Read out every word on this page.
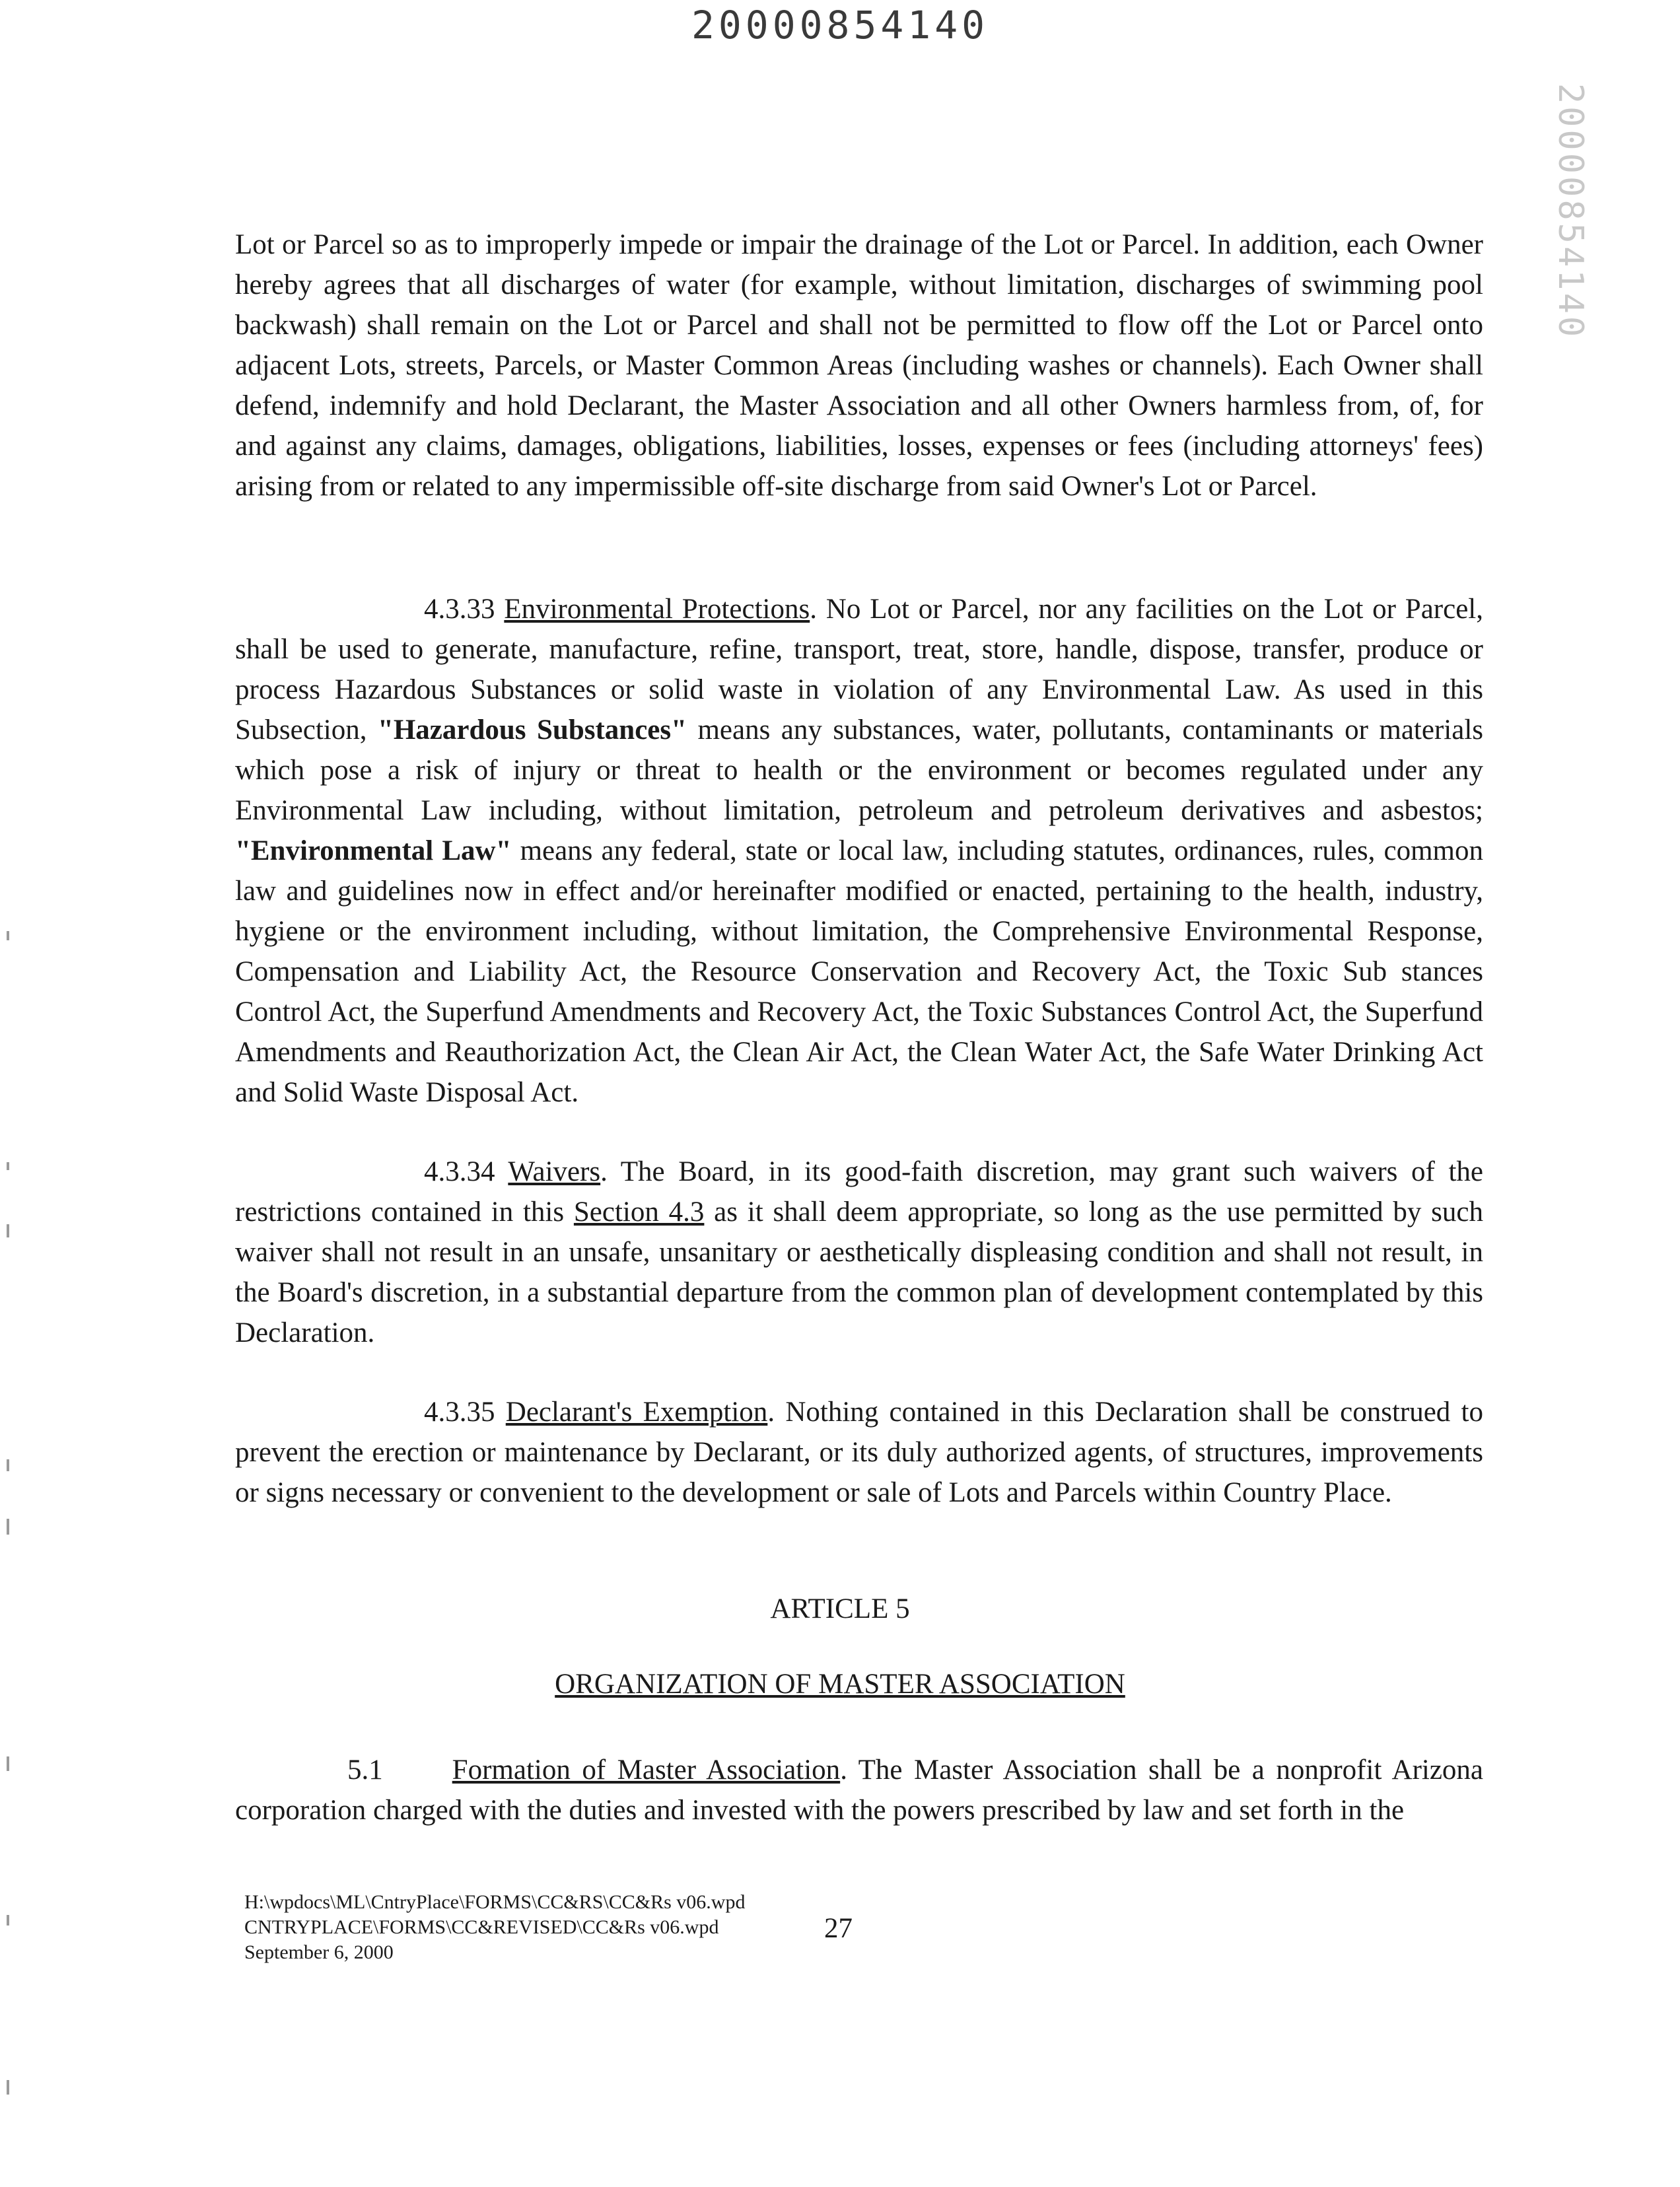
20000854140
20000854140

Lot or Parcel so as to improperly impede or impair the drainage of the Lot or Parcel. In addition, each Owner hereby agrees that all discharges of water (for example, without limitation, discharges of swimming pool backwash) shall remain on the Lot or Parcel and shall not be permitted to flow off the Lot or Parcel onto adjacent Lots, streets, Parcels, or Master Common Areas (including washes or channels). Each Owner shall defend, indemnify and hold Declarant, the Master Association and all other Owners harmless from, of, for and against any claims, damages, obligations, liabilities, losses, expenses or fees (including attorneys' fees) arising from or related to any impermissible off-site discharge from said Owner's Lot or Parcel.

4.3.33 Environmental Protections. No Lot or Parcel, nor any facilities on the Lot or Parcel, shall be used to generate, manufacture, refine, transport, treat, store, handle, dispose, transfer, produce or process Hazardous Substances or solid waste in violation of any Environmental Law. As used in this Subsection, "Hazardous Substances" means any substances, water, pollutants, contaminants or materials which pose a risk of injury or threat to health or the environment or becomes regulated under any Environmental Law including, without limitation, petroleum and petroleum derivatives and asbestos; "Environmental Law" means any federal, state or local law, including statutes, ordinances, rules, common law and guidelines now in effect and/or hereinafter modified or enacted, pertaining to the health, industry, hygiene or the environment including, without limitation, the Comprehensive Environmental Response, Compensation and Liability Act, the Resource Conservation and Recovery Act, the Toxic Sub stances Control Act, the Superfund Amendments and Recovery Act, the Toxic Substances Control Act, the Superfund Amendments and Reauthorization Act, the Clean Air Act, the Clean Water Act, the Safe Water Drinking Act and Solid Waste Disposal Act.

4.3.34 Waivers. The Board, in its good-faith discretion, may grant such waivers of the restrictions contained in this Section 4.3 as it shall deem appropriate, so long as the use permitted by such waiver shall not result in an unsafe, unsanitary or aesthetically displeasing condition and shall not result, in the Board's discretion, in a substantial departure from the common plan of development contemplated by this Declaration.

4.3.35 Declarant's Exemption. Nothing contained in this Declaration shall be construed to prevent the erection or maintenance by Declarant, or its duly authorized agents, of structures, improvements or signs necessary or convenient to the development or sale of Lots and Parcels within Country Place.

ARTICLE 5
ORGANIZATION OF MASTER ASSOCIATION

5.1 Formation of Master Association. The Master Association shall be a nonprofit Arizona corporation charged with the duties and invested with the powers prescribed by law and set forth in the

H:\wpdocs\ML\CntryPlace\FORMS\CC&RS\CC&Rs v06.wpd
CNTRYPLACE\FORMS\CC&REVISED\CC&Rs v06.wpd
September 6, 2000
27
